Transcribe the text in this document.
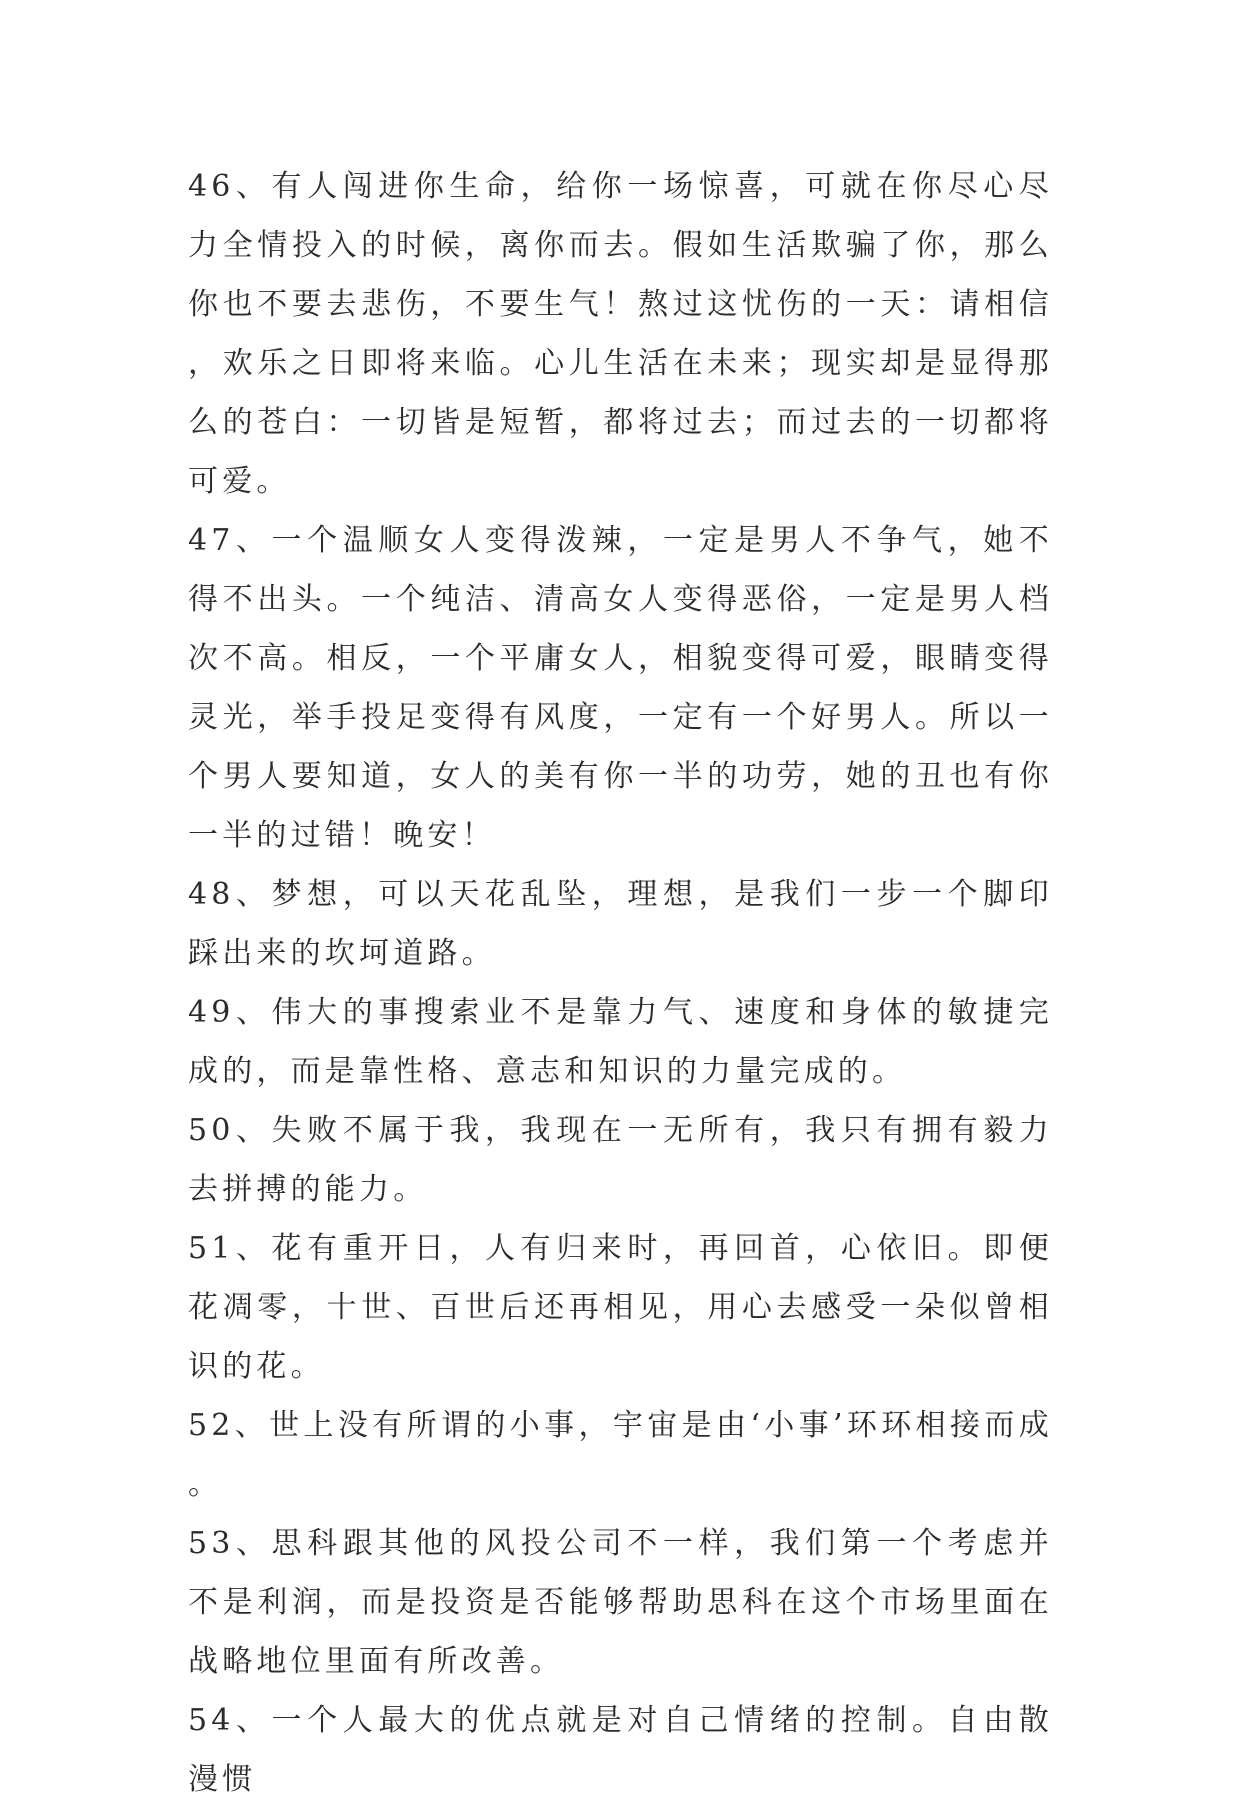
46、有人闯进你生命，给你一场惊喜，可就在你尽心尽力全情投入的时候，离你而去。假如生活欺骗了你，那么你也不要去悲伤，不要生气！熬过这忧伤的一天：请相信，欢乐之日即将来临。心儿生活在未来；现实却是显得那么的苍白：一切皆是短暂，都将过去；而过去的一切都将可爱。

47、一个温顺女人变得泼辣，一定是男人不争气，她不得不出头。一个纯洁、清高女人变得恶俗，一定是男人档次不高。相反，一个平庸女人，相貌变得可爱，眼睛变得灵光，举手投足变得有风度，一定有一个好男人。所以一个男人要知道，女人的美有你一半的功劳，她的丑也有你一半的过错！晚安！

48、梦想，可以天花乱坠，理想，是我们一步一个脚印踩出来的坎坷道路。

49、伟大的事搜索业不是靠力气、速度和身体的敏捷完成的，而是靠性格、意志和知识的力量完成的。

50、失败不属于我，我现在一无所有，我只有拥有毅力去拼搏的能力。

51、花有重开日，人有归来时，再回首，心依旧。即便花凋零，十世、百世后还再相见，用心去感受一朵似曾相识的花。

52、世上没有所谓的小事，宇宙是由‘小事’环环相接而成。

53、思科跟其他的风投公司不一样，我们第一个考虑并不是利润，而是投资是否能够帮助思科在这个市场里面在战略地位里面有所改善。

54、一个人最大的优点就是对自己情绪的控制。自由散漫惯
